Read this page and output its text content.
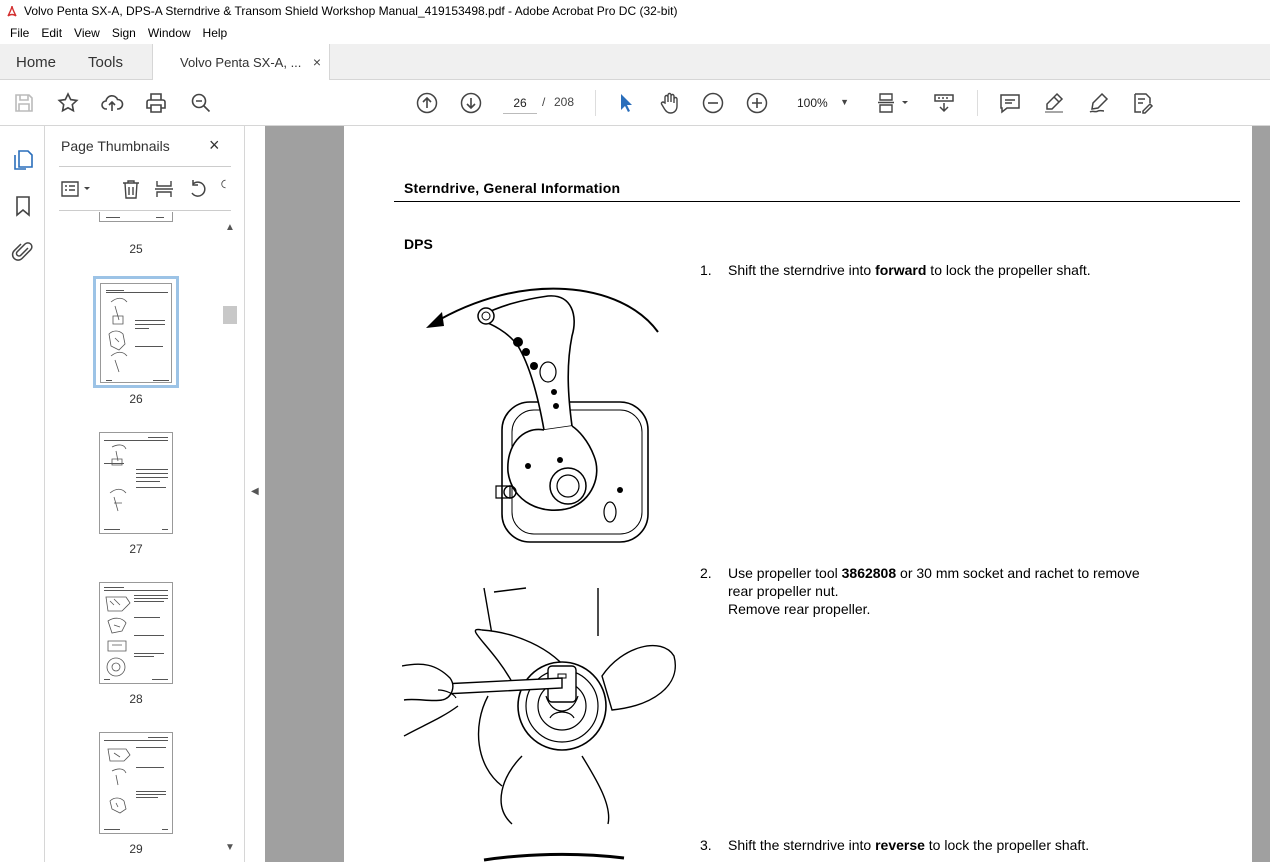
Volvo Penta SX-A, DPS-A Sterndrive & Transom Shield Workshop Manual_419153498.pdf - Adobe Acrobat Pro DC (32-bit)
File	Edit	View	Sign	Window	Help
Home Tools	Volvo Penta SX-A, ... ×
26
/ 208	100% ▼
Page Thumbnails ×
25
26
27
28
29
▲
▼
◀
Sterndrive, General Information
DPS
1.	Shift the sterndrive into forward to lock the propeller shaft.
2.	Use propeller tool 3862808 or 30 mm socket and rachet to remove
rear propeller nut.
Remove rear propeller.
3.	Shift the sterndrive into reverse to lock the propeller shaft.
